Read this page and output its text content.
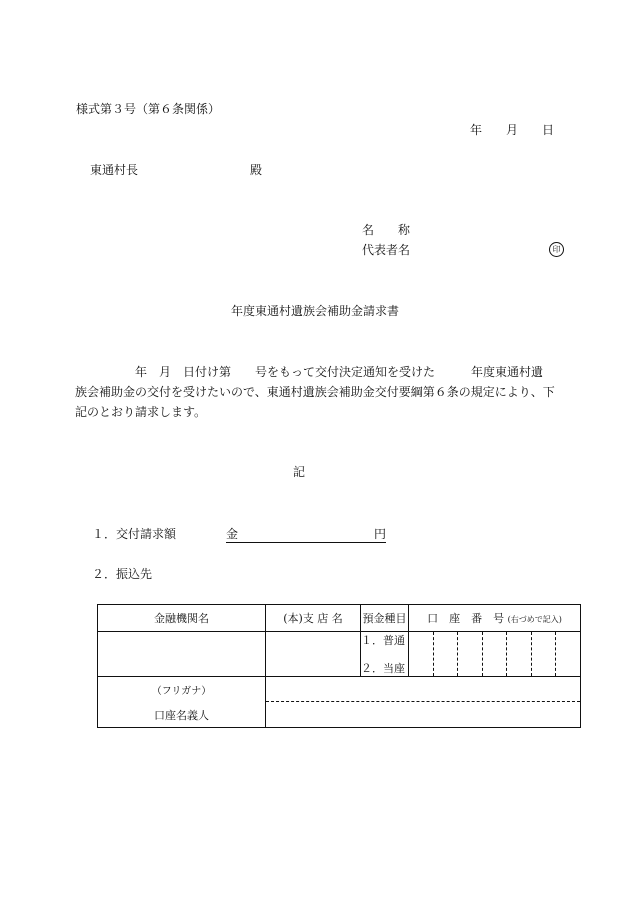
様式第３号（第６条関係）
年 月 日
東通村長	殿
名　　称
代表者名	印
年度東通村遺族会補助金請求書

　　　　　年　月　日付け第　　号をもって交付決定通知を受けた　　　年度東通村遺

族会補助金の交付を受けたいので、東通村遺族会補助金交付要綱第６条の規定により、下

記のとおり請求します。

記
１．交付請求額	金	円
２．振込先
金融機関名	(本)支 店 名	預金種目	口　座　番　号 (右づめで記入)

		１．普通
２．当座	

（フリガナ）
口座名義人			
